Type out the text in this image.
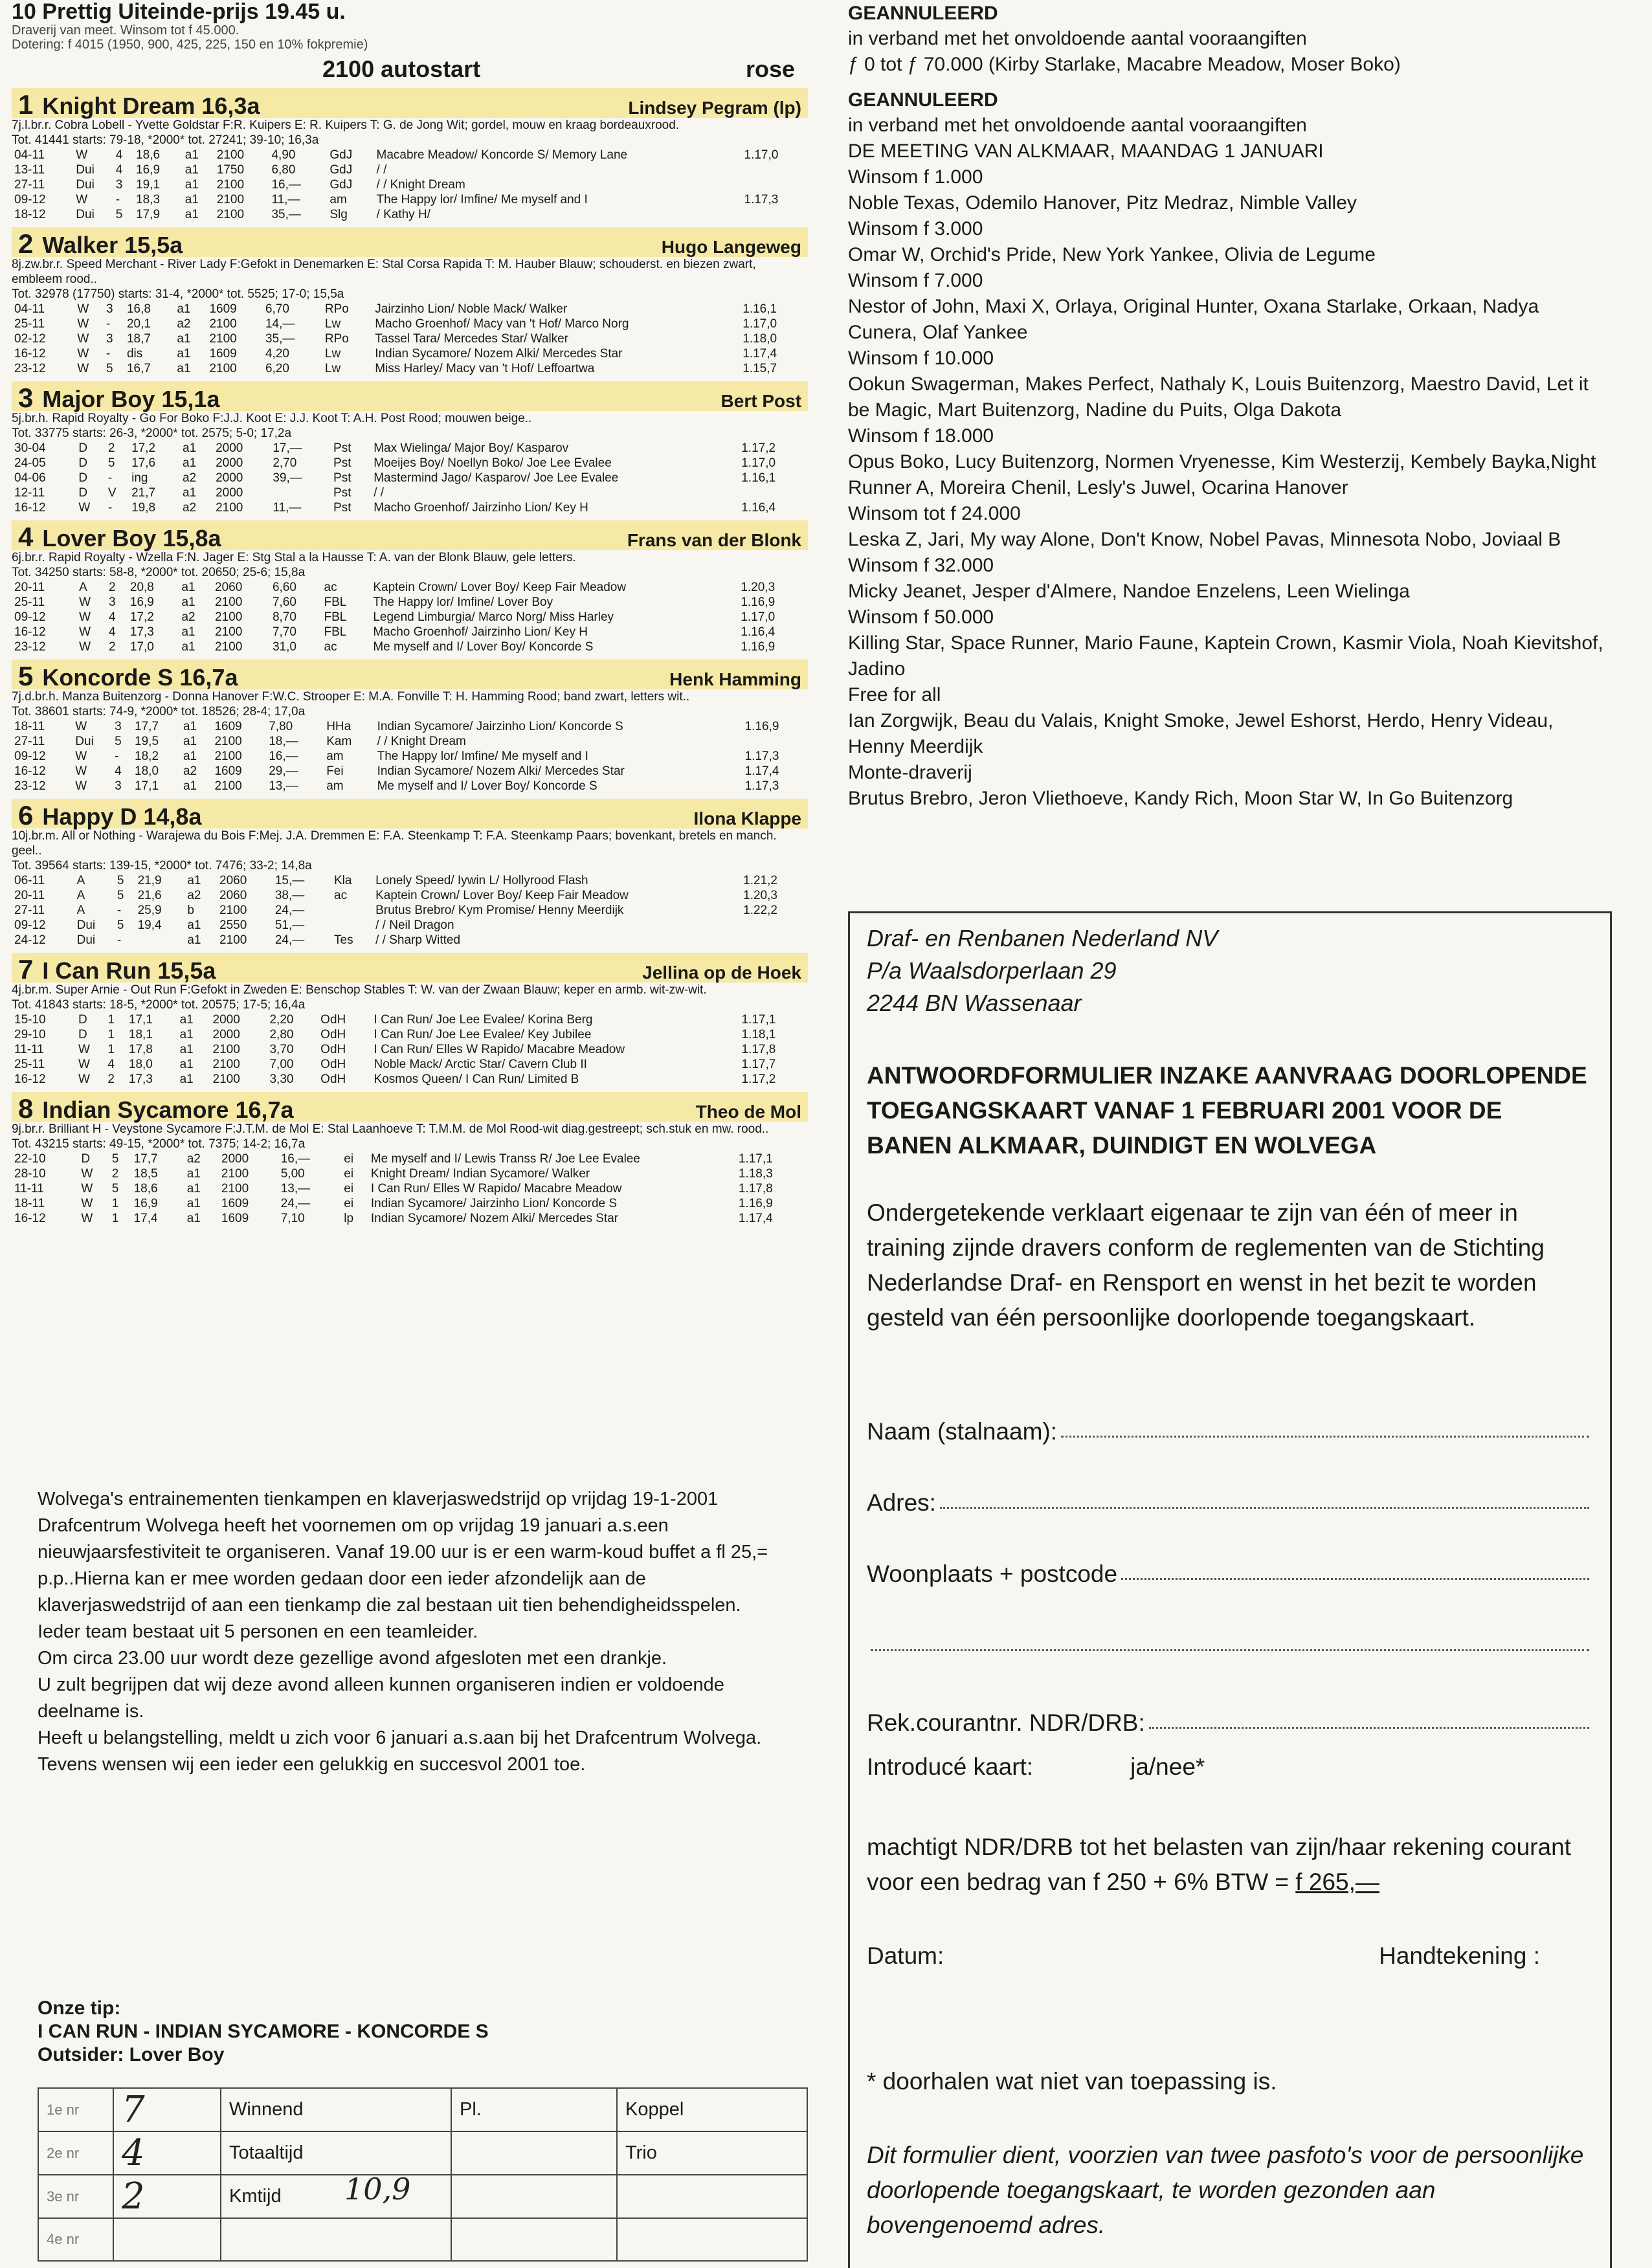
10 Prettig Uiteinde-prijs 19.45 u.
Draverij van meet. Winsom tot f 45.000.
Dotering: f 4015 (1950, 900, 425, 225, 150 en 10% fokpremie)
2100 autostart	rose
1 Knight Dream 16,3a	Lindsey Pegram (lp)
7j.l.br.r. Cobra Lobell - Yvette Goldstar F:R. Kuipers E: R. Kuipers T: G. de Jong Wit; gordel, mouw en kraag bordeauxrood.
Tot. 41441 starts: 79-18, *2000* tot. 27241; 39-10; 16,3a
04-11	W	4	18,6	a1	2100	4,90	GdJ	Macabre Meadow/ Koncorde S/ Memory Lane	1.17,0
13-11	Dui	4	16,9	a1	1750	6,80	GdJ	/ /	
27-11	Dui	3	19,1	a1	2100	16,—	GdJ	/ / Knight Dream	
09-12	W	-	18,3	a1	2100	11,—	am	The Happy lor/ Imfine/ Me myself and I	1.17,3
18-12	Dui	5	17,9	a1	2100	35,—	Slg	/ Kathy H/	
2 Walker 15,5a	Hugo Langeweg
8j.zw.br.r. Speed Merchant - River Lady F:Gefokt in Denemarken E: Stal Corsa Rapida T: M. Hauber Blauw; schouderst. en biezen zwart, embleem rood..
Tot. 32978 (17750) starts: 31-4, *2000* tot. 5525; 17-0; 15,5a
04-11	W	3	16,8	a1	1609	6,70	RPo	Jairzinho Lion/ Noble Mack/ Walker	1.16,1
25-11	W	-	20,1	a2	2100	14,—	Lw	Macho Groenhof/ Macy van 't Hof/ Marco Norg	1.17,0
02-12	W	3	18,7	a1	2100	35,—	RPo	Tassel Tara/ Mercedes Star/ Walker	1.18,0
16-12	W	-	dis	a1	1609	4,20	Lw	Indian Sycamore/ Nozem Alki/ Mercedes Star	1.17,4
23-12	W	5	16,7	a1	2100	6,20	Lw	Miss Harley/ Macy van 't Hof/ Leffoartwa	1.15,7
3 Major Boy 15,1a	Bert Post
5j.br.h. Rapid Royalty - Go For Boko F:J.J. Koot E: J.J. Koot T: A.H. Post Rood; mouwen beige..
Tot. 33775 starts: 26-3, *2000* tot. 2575; 5-0; 17,2a
30-04	D	2	17,2	a1	2000	17,—	Pst	Max Wielinga/ Major Boy/ Kasparov	1.17,2
24-05	D	5	17,6	a1	2000	2,70	Pst	Moeijes Boy/ Noellyn Boko/ Joe Lee Evalee	1.17,0
04-06	D	-	ing	a2	2000	39,—	Pst	Mastermind Jago/ Kasparov/ Joe Lee Evalee	1.16,1
12-11	D	V	21,7	a1	2000		Pst	/ /	
16-12	W	-	19,8	a2	2100	11,—	Pst	Macho Groenhof/ Jairzinho Lion/ Key H	1.16,4
4 Lover Boy 15,8a	Frans van der Blonk
6j.br.r. Rapid Royalty - Wzella F:N. Jager E: Stg Stal a la Hausse T: A. van der Blonk Blauw, gele letters.
Tot. 34250 starts: 58-8, *2000* tot. 20650; 25-6; 15,8a
20-11	A	2	20,8	a1	2060	6,60	ac	Kaptein Crown/ Lover Boy/ Keep Fair Meadow	1.20,3
25-11	W	3	16,9	a1	2100	7,60	FBL	The Happy lor/ Imfine/ Lover Boy	1.16,9
09-12	W	4	17,2	a2	2100	8,70	FBL	Legend Limburgia/ Marco Norg/ Miss Harley	1.17,0
16-12	W	4	17,3	a1	2100	7,70	FBL	Macho Groenhof/ Jairzinho Lion/ Key H	1.16,4
23-12	W	2	17,0	a1	2100	31,0	ac	Me myself and I/ Lover Boy/ Koncorde S	1.16,9
5 Koncorde S 16,7a	Henk Hamming
7j.d.br.h. Manza Buitenzorg - Donna Hanover F:W.C. Strooper E: M.A. Fonville T: H. Hamming Rood; band zwart, letters wit..
Tot. 38601 starts: 74-9, *2000* tot. 18526; 28-4; 17,0a
18-11	W	3	17,7	a1	1609	7,80	HHa	Indian Sycamore/ Jairzinho Lion/ Koncorde S	1.16,9
27-11	Dui	5	19,5	a1	2100	18,—	Kam	/ / Knight Dream	
09-12	W	-	18,2	a1	2100	16,—	am	The Happy lor/ Imfine/ Me myself and I	1.17,3
16-12	W	4	18,0	a2	1609	29,—	Fei	Indian Sycamore/ Nozem Alki/ Mercedes Star	1.17,4
23-12	W	3	17,1	a1	2100	13,—	am	Me myself and I/ Lover Boy/ Koncorde S	1.17,3
6 Happy D 14,8a	Ilona Klappe
10j.br.m. All or Nothing - Warajewa du Bois F:Mej. J.A. Dremmen E: F.A. Steenkamp T: F.A. Steenkamp Paars; bovenkant, bretels en manch. geel..
Tot. 39564 starts: 139-15, *2000* tot. 7476; 33-2; 14,8a
06-11	A	5	21,9	a1	2060	15,—	Kla	Lonely Speed/ Iywin L/ Hollyrood Flash	1.21,2
20-11	A	5	21,6	a2	2060	38,—	ac	Kaptein Crown/ Lover Boy/ Keep Fair Meadow	1.20,3
27-11	A	-	25,9	b	2100	24,—		Brutus Brebro/ Kym Promise/ Henny Meerdijk	1.22,2
09-12	Dui	5	19,4	a1	2550	51,—		/ / Neil Dragon	
24-12	Dui	-		a1	2100	24,—	Tes	/ / Sharp Witted	
7 I Can Run 15,5a	Jellina op de Hoek
4j.br.m. Super Arnie - Out Run F:Gefokt in Zweden E: Benschop Stables T: W. van der Zwaan Blauw; keper en armb. wit-zw-wit.
Tot. 41843 starts: 18-5, *2000* tot. 20575; 17-5; 16,4a
15-10	D	1	17,1	a1	2000	2,20	OdH	I Can Run/ Joe Lee Evalee/ Korina Berg	1.17,1
29-10	D	1	18,1	a1	2000	2,80	OdH	I Can Run/ Joe Lee Evalee/ Key Jubilee	1.18,1
11-11	W	1	17,8	a1	2100	3,70	OdH	I Can Run/ Elles W Rapido/ Macabre Meadow	1.17,8
25-11	W	4	18,0	a1	2100	7,00	OdH	Noble Mack/ Arctic Star/ Cavern Club II	1.17,7
16-12	W	2	17,3	a1	2100	3,30	OdH	Kosmos Queen/ I Can Run/ Limited B	1.17,2
8 Indian Sycamore 16,7a	Theo de Mol
9j.br.r. Brilliant H - Veystone Sycamore F:J.T.M. de Mol E: Stal Laanhoeve T: T.M.M. de Mol Rood-wit diag.gestreept; sch.stuk en mw. rood..
Tot. 43215 starts: 49-15, *2000* tot. 7375; 14-2; 16,7a
22-10	D	5	17,7	a2	2000	16,—	ei	Me myself and I/ Lewis Transs R/ Joe Lee Evalee	1.17,1
28-10	W	2	18,5	a1	2100	5,00	ei	Knight Dream/ Indian Sycamore/ Walker	1.18,3
11-11	W	5	18,6	a1	2100	13,—	ei	I Can Run/ Elles W Rapido/ Macabre Meadow	1.17,8
18-11	W	1	16,9	a1	1609	24,—	ei	Indian Sycamore/ Jairzinho Lion/ Koncorde S	1.16,9
16-12	W	1	17,4	a1	1609	7,10	lp	Indian Sycamore/ Nozem Alki/ Mercedes Star	1.17,4
Wolvega's entrainementen tienkampen en klaverjaswedstrijd op vrijdag 19-1-2001
Drafcentrum Wolvega heeft het voornemen om op vrijdag 19 januari a.s.een nieuwjaarsfestiviteit te organiseren. Vanaf 19.00 uur is er een warm-koud buffet a fl 25,= p.p..Hierna kan er mee worden gedaan door een ieder afzondelijk aan de klaverjaswedstrijd of aan een tienkamp die zal bestaan uit tien behendigheidsspelen. Ieder team bestaat uit 5 personen en een teamleider.
Om circa 23.00 uur wordt deze gezellige avond afgesloten met een drankje.
U zult begrijpen dat wij deze avond alleen kunnen organiseren indien er voldoende deelname is.
Heeft u belangstelling, meldt u zich voor 6 januari a.s.aan bij het Drafcentrum Wolvega.
Tevens wensen wij een ieder een gelukkig en succesvol 2001 toe.
Onze tip:
I CAN RUN - INDIAN SYCAMORE - KONCORDE S
Outsider: Lover Boy
1e nr	7	Winnend	Pl.	Koppel
2e nr	4	Totaaltijd		Trio
3e nr	2	Kmtijd 10,9		

4e nr		

GEANNULEERD
in verband met het onvoldoende aantal vooraangiften
ƒ 0 tot ƒ 70.000 (Kirby Starlake, Macabre Meadow, Moser Boko)
GEANNULEERD
in verband met het onvoldoende aantal vooraangiften
DE MEETING VAN ALKMAAR, MAANDAG 1 JANUARI
Winsom f 1.000
Noble Texas, Odemilo Hanover, Pitz Medraz, Nimble Valley
Winsom f 3.000
Omar W, Orchid's Pride, New York Yankee, Olivia de Legume
Winsom f 7.000
Nestor of John, Maxi X, Orlaya, Original Hunter, Oxana Starlake, Orkaan, Nadya Cunera, Olaf Yankee
Winsom f 10.000
Ookun Swagerman, Makes Perfect, Nathaly K, Louis Buitenzorg, Maestro David, Let it be Magic, Mart Buitenzorg, Nadine du Puits, Olga Dakota
Winsom f 18.000
Opus Boko, Lucy Buitenzorg, Normen Vryenesse, Kim Westerzij, Kembely Bayka,Night Runner A, Moreira Chenil, Lesly's Juwel, Ocarina Hanover
Winsom tot f 24.000
Leska Z, Jari, My way Alone, Don't Know, Nobel Pavas, Minnesota Nobo, Joviaal B
Winsom f 32.000
Micky Jeanet, Jesper d'Almere, Nandoe Enzelens, Leen Wielinga
Winsom f 50.000
Killing Star, Space Runner, Mario Faune, Kaptein Crown, Kasmir Viola, Noah Kievitshof, Jadino
Free for all
Ian Zorgwijk, Beau du Valais, Knight Smoke, Jewel Eshorst, Herdo, Henry Videau, Henny Meerdijk
Monte-draverij
Brutus Brebro, Jeron Vliethoeve, Kandy Rich, Moon Star W, In Go Buitenzorg
Draf- en Renbanen Nederland NV
P/a Waalsdorperlaan 29
2244 BN Wassenaar
ANTWOORDFORMULIER INZAKE AANVRAAG DOORLOPENDE TOEGANGSKAART VANAF 1 FEBRUARI 2001 VOOR DE BANEN ALKMAAR, DUINDIGT EN WOLVEGA
Ondergetekende verklaart eigenaar te zijn van één of meer in training zijnde dravers conform de reglementen van de Stichting Nederlandse Draf- en Rensport en wenst in het bezit te worden gesteld van één persoonlijke doorlopende toegangskaart.
Naam (stalnaam):
Adres:
Woonplaats + postcode
Rek.courantnr. NDR/DRB:
Introducé kaart:	ja/nee*
machtigt NDR/DRB tot het belasten van zijn/haar rekening courant voor een bedrag van f 250 + 6% BTW = f 265,—
Datum:	Handtekening :
* doorhalen wat niet van toepassing is.
Dit formulier dient, voorzien van twee pasfoto's voor de persoonlijke doorlopende toegangskaart, te worden gezonden aan bovengenoemd adres.
